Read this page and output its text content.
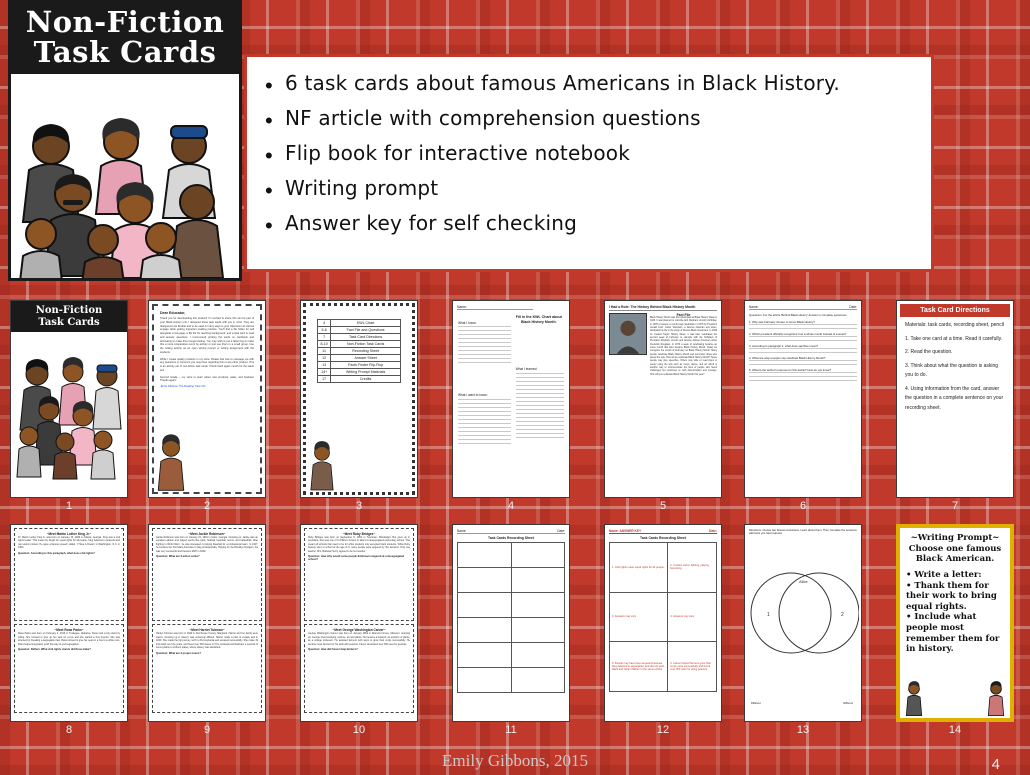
Non-Fiction
Task Cards
• 6 task cards about famous Americans in Black History.
• NF article with comprehension questions
• Flip book for interactive notebook
• Writing prompt
• Answer key for self checking
Non-Fiction
Task Cards
1
Dear Educator,
Thank you for downloading this product! I'm excited to share this can be part of your Black History unit. I designed these task cards with you in mind. They are designed to be flexible and to be used in many ways in your classroom as well as engage while getting important reading practice. You'll find a file folder for self alongside a two-page, a flip file for teaching background, and a task card to read and answer questions. I recommend printing the cards on cardstock and laminating to make them longer lasting. You may wish to put a label ring to make this a more cooperative event by activity or just use them in a small group. Use the writing activity as an open writing prompt or writing assignment with the students.
While I create quality products in my store. Please feel free to message me with any questions or concerns you may have regarding this or any other product. This is an activity set of non-fiction task cards. Check back again month for the latest set!
Second Grade -- my store to learn about new products, sales, and freebies! Thanks again!
-Emily Gibbons, The Reading Tutor-OG
2
4	KWL Chart
5-6	Fact File and Questions
7	Task Card Directions
8-10	Non-Fiction Task Cards
11	Recording Sheet
12	Answer Sheet
13	Facts Finder Flip-Flop
14+	Writing Prompt Materials
17	Credits
3
Name:
Fill in the KWL Chart about Black History Month.
What I know:
What I want to know:
What I learned:
4
I Had a Role: The History Behind Black History Month
Fact File
Black History Month was first celebrated as Black History Week in 1926. It was planned to coincide with Abraham Lincoln's birthday. In 1976 it became a month-long celebration in 1976 by President Gerald Ford. Carter Woodson, a famous historian and writer, dedicated his life to the study of famous Black Americans. In 1926 he created Negro History Week, it was later celebrated the second week of February to coincide with the birthdays of President Abraham Lincoln and famous African American writer Frederick Douglass. In 1976 a week of celebrating became an entire month that later became Black History Month. Today we recognize the month of February as Black History Month. Many people celebrate Black History Month and remember those who paved the way. How do we celebrate Black History Month? Some people may give speeches. Others may write or read plays or poetry using the arts such as music, dance, and art which is another way to commemorate the lives of people who faced challenges but continued on with determination and courage. How will you celebrate Black History Month this year?
5
Name:	Date:
Questions: For the article 'Behind Black History' Answer in complete sentences.
1. Why was February chosen to honor Black History?
2. Which president officially recognized it as a whole month instead of a week?
3. According to paragraph 2, what does sacrifice mean?
4. What are ways people may celebrate Black History Month?
5. What is the author's purpose for this article? How do you know?
6
Task Card Directions
Materials: task cards, recording sheet, pencil
1. Take one card at a time. Read it carefully.
2. Read the question.
3. Think about what the question is asking you to do.
4. Using information from the card, answer the question in a complete sentence on your recording sheet.
7
~Meet Martin Luther King Jr.~
Dr. Martin Luther King Jr. was born on January 15, 1929 in Atlanta, Georgia. King was a civil rights leader. This meant he fought for equal rights for all people. King believed in peaceful and non-violent protest. He gave a famous speech called, 'I Have A Dream' in Washington, D.C. in 1963.
Question: According to this paragraph, what does civil rights?
~Meet Rosa Parks~
Rosa Parks was born on February 4, 1913 in Tuskegee, Alabama. Rosa took a big stand by sitting. She refused to give up her seat on a bus and she started a bus boycott. She was arrested for breaking a segregation law. Rosa refused to give her seat on a bus to a white man. Rosa helped integration push this way to end segregation.
Question: Reflect- What civil rights stands did Rosa make?
8
~Meet Jackie Robinson~
Jackie Robinson was born on January 31, 1919 in Cairo, Georgia. Growing up, Jackie was an excellent athlete and played sports like track, football, baseball, tennis, and basketball. After fighting in World War I, he was interested in playing baseball for a professional team. In 1947, he became the first black American to play professionally. Playing for the Brooklyn Dodgers, his was very successful and became MVP in 1949.
Question: What are 3 action verbs?
~Meet Harriet Tubman~
Harriet Tubman was born in 1820 in Dorchester County, Maryland. Harriet and her family were slaves. Growing up in slavery was extremely difficult. Harriet made a plan to escape and in 1849. She made the trip journey north to Pennsylvania and escaped successfully. She made 19 trips back over the years, and freed over 300 slaves on The Underground Railroad, a network of secret paths to northern states, where slavery was abolished.
Question: What are 3 proper nouns?
9
~Meet Ruby Bridges~
Ruby Bridges was born on September 8, 1954 in Tylertown, Mississippi. But grew up in Louisiana. She was one of 6 children chosen to attend a desegregated elementary school. This meant all schools that used to be for white students only accepted black students. While Ruby bravely went to school at the age of 6, many people were angered by this decision. Only one teacher, Mrs. Barbara Henry, agreed to be her teacher.
Question: How why would some people think been angered at a desegregated school?
~Meet George Washington Carver~
George Washington Carver was born on January 1864 in Diamond Grove, Missouri. Growing up, George loved studying, science, art and plants. He became a botanist, an explorer of plants, as a college professor. He assisted farmers with ways to grow their crops successfully. He became most famous for his work with peanuts. Carver developed over 300 uses for peanuts.
Question: How did Carver help farmers?
10
Name:	Date:
Task Cards Recording Sheet

11
Name: ANSWER KEY	Date:
Task Cards Recording Sheet
1. Civil rights mean equal rights for all people.	2. 3 action verbs: fighting, playing, becoming.
3. Answers may vary.	4. Answers may vary.
5. People may have been angered because they believed in segregation and did not want black and white children in the same school.	6. Carver helped farmers grow their crops more successfully and found over 300 uses for using peanuts.
12
Directions: choose two famous Americans. Learn about them. Then complete the sentence with facts you have learned.
1	2
Alike
Different	Different
13
~Writing Prompt~
Choose one famous
Black American.
• Write a letter:
• Thank them for their work to bring equal rights.
• Include what people most remember them for in history.
14
Emily Gibbons, 2015	4
